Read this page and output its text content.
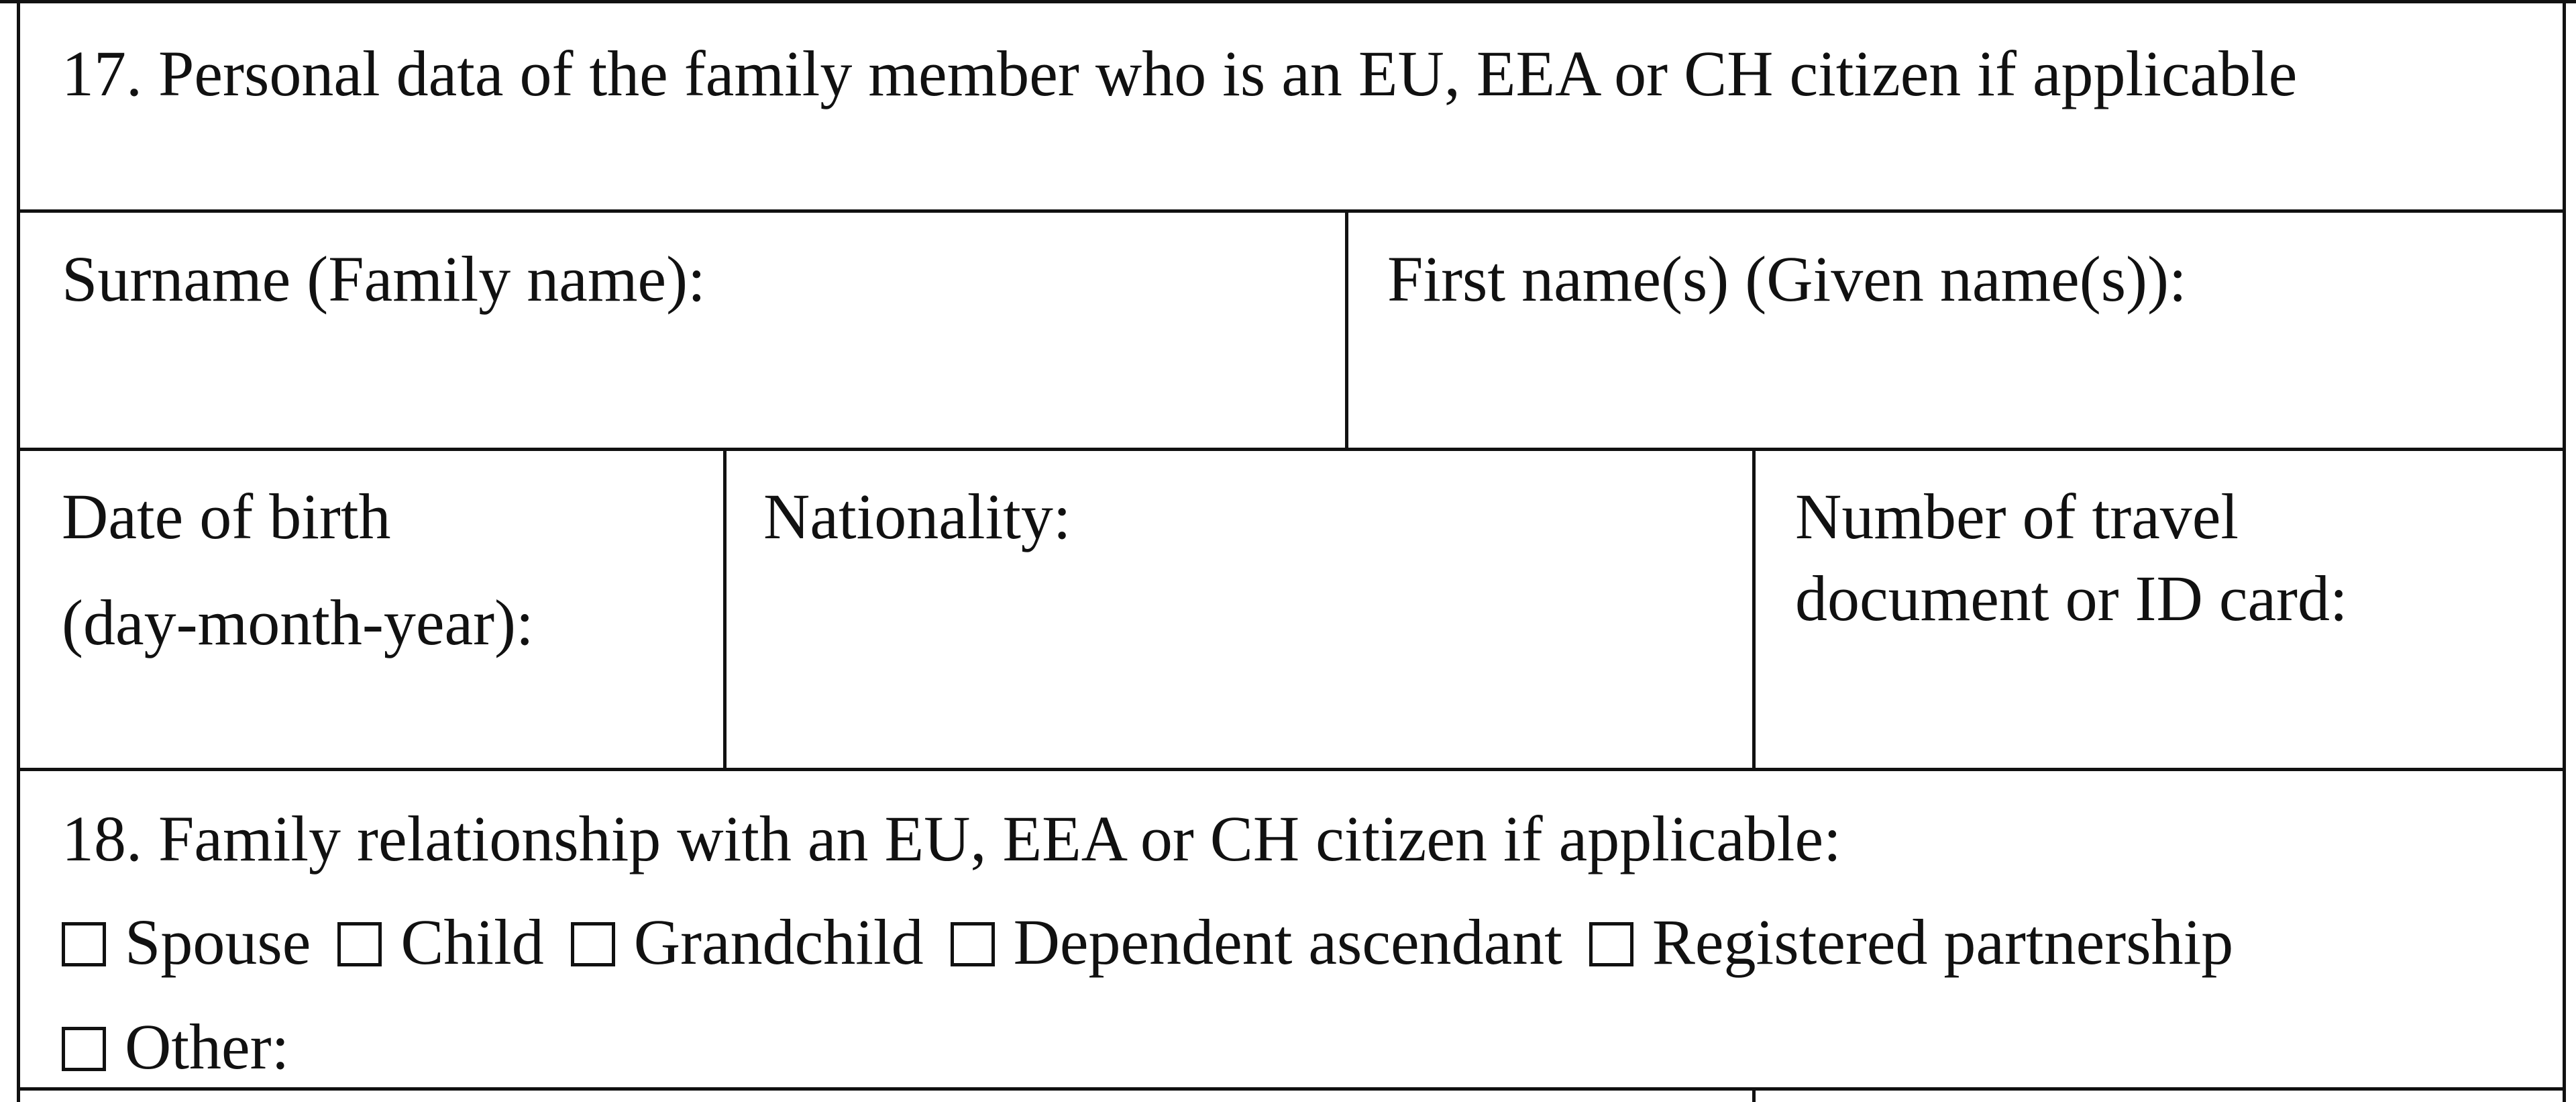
17. Personal data of the family member who is an EU, EEA or CH citizen if applicable
Surname (Family name):	First name(s) (Given name(s)):
Date of birth
(day-month-year):
Nationality:	Number of travel
document or ID card:
18. Family relationship with an EU, EEA or CH citizen if applicable:
Spouse Child Grandchild Dependent ascendant Registered partnership
Other:
